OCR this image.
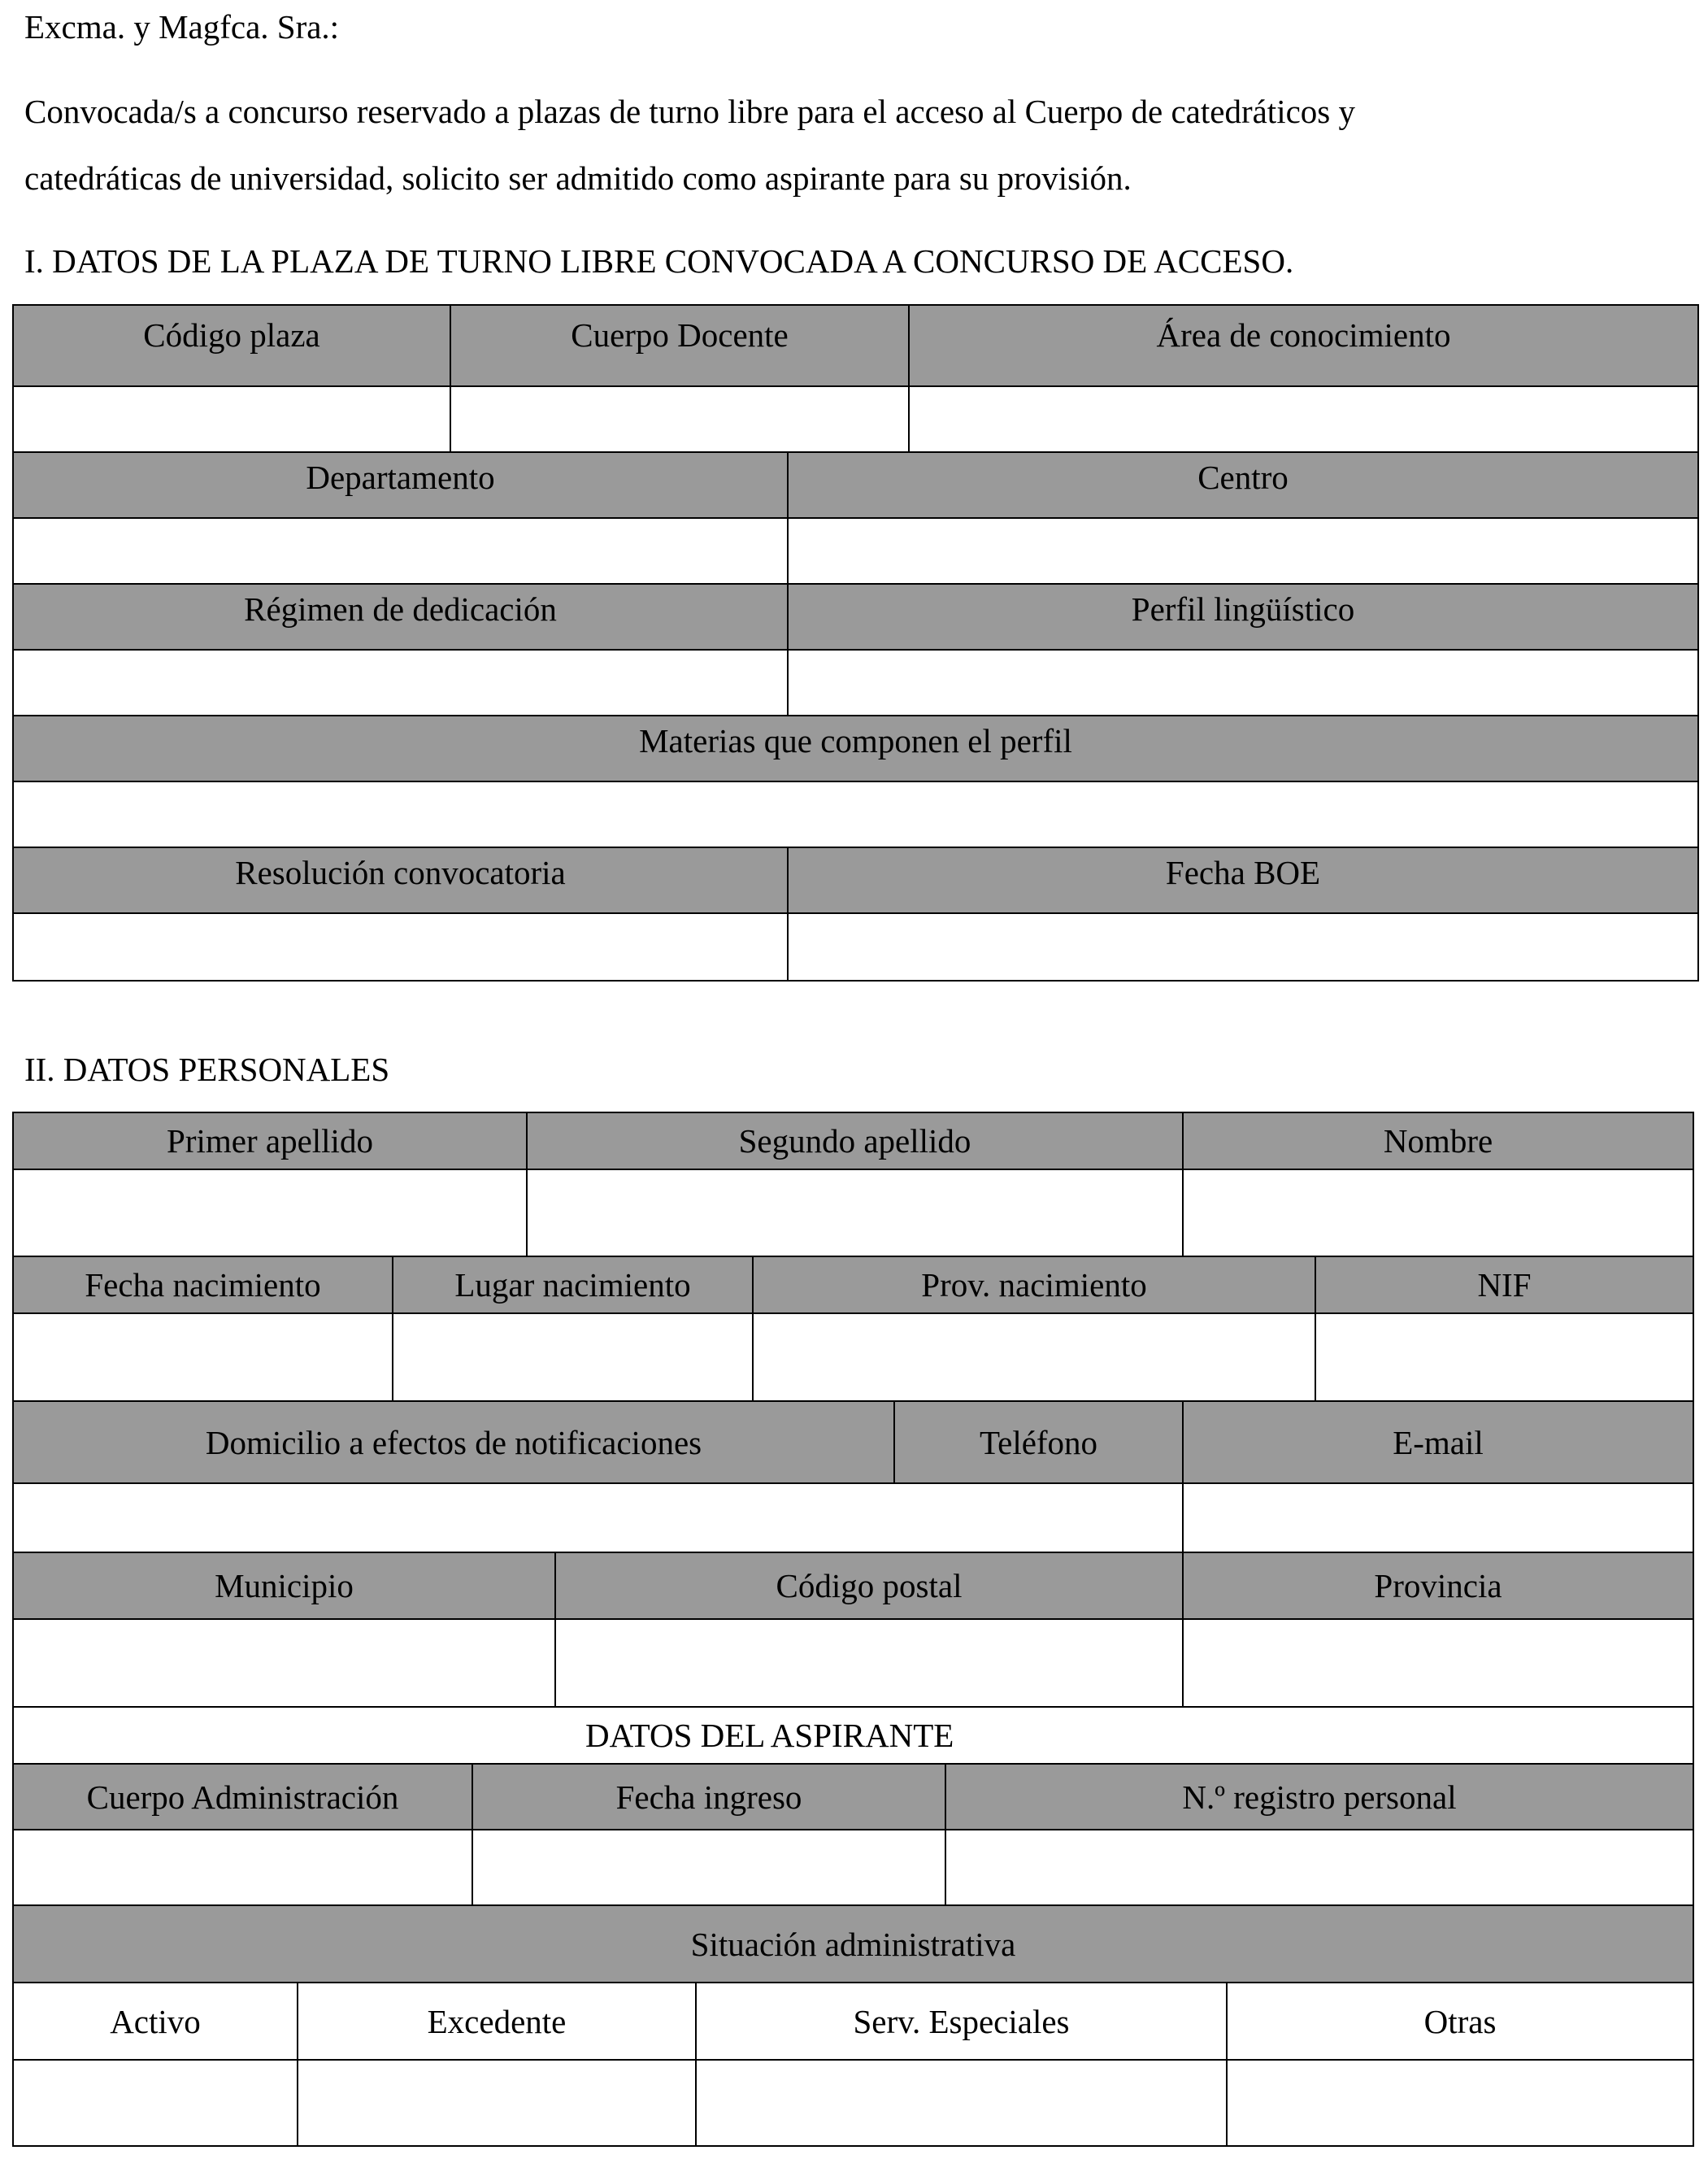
Excma. y Magfca. Sra.:
Convocada/s a concurso reservado a plazas de turno libre para el acceso al Cuerpo de catedráticos y
catedráticas de universidad, solicito ser admitido como aspirante para su provisión.
I. DATOS DE LA PLAZA DE TURNO LIBRE CONVOCADA A CONCURSO DE ACCESO.
Código plaza	Cuerpo Docente	Área de conocimiento
Departamento	Centro
Régimen de dedicación	Perfil lingüístico
Materias que componen el perfil
Resolución convocatoria	Fecha BOE
II. DATOS PERSONALES
Primer apellido	Segundo apellido	Nombre
Fecha nacimiento	Lugar nacimiento	Prov. nacimiento	NIF
Domicilio a efectos de notificaciones	Teléfono	E-mail
Municipio	Código postal	Provincia
DATOS DEL ASPIRANTE
Cuerpo Administración	Fecha ingreso	N.º registro personal
Situación administrativa
Activo	Excedente	Serv. Especiales	Otras
